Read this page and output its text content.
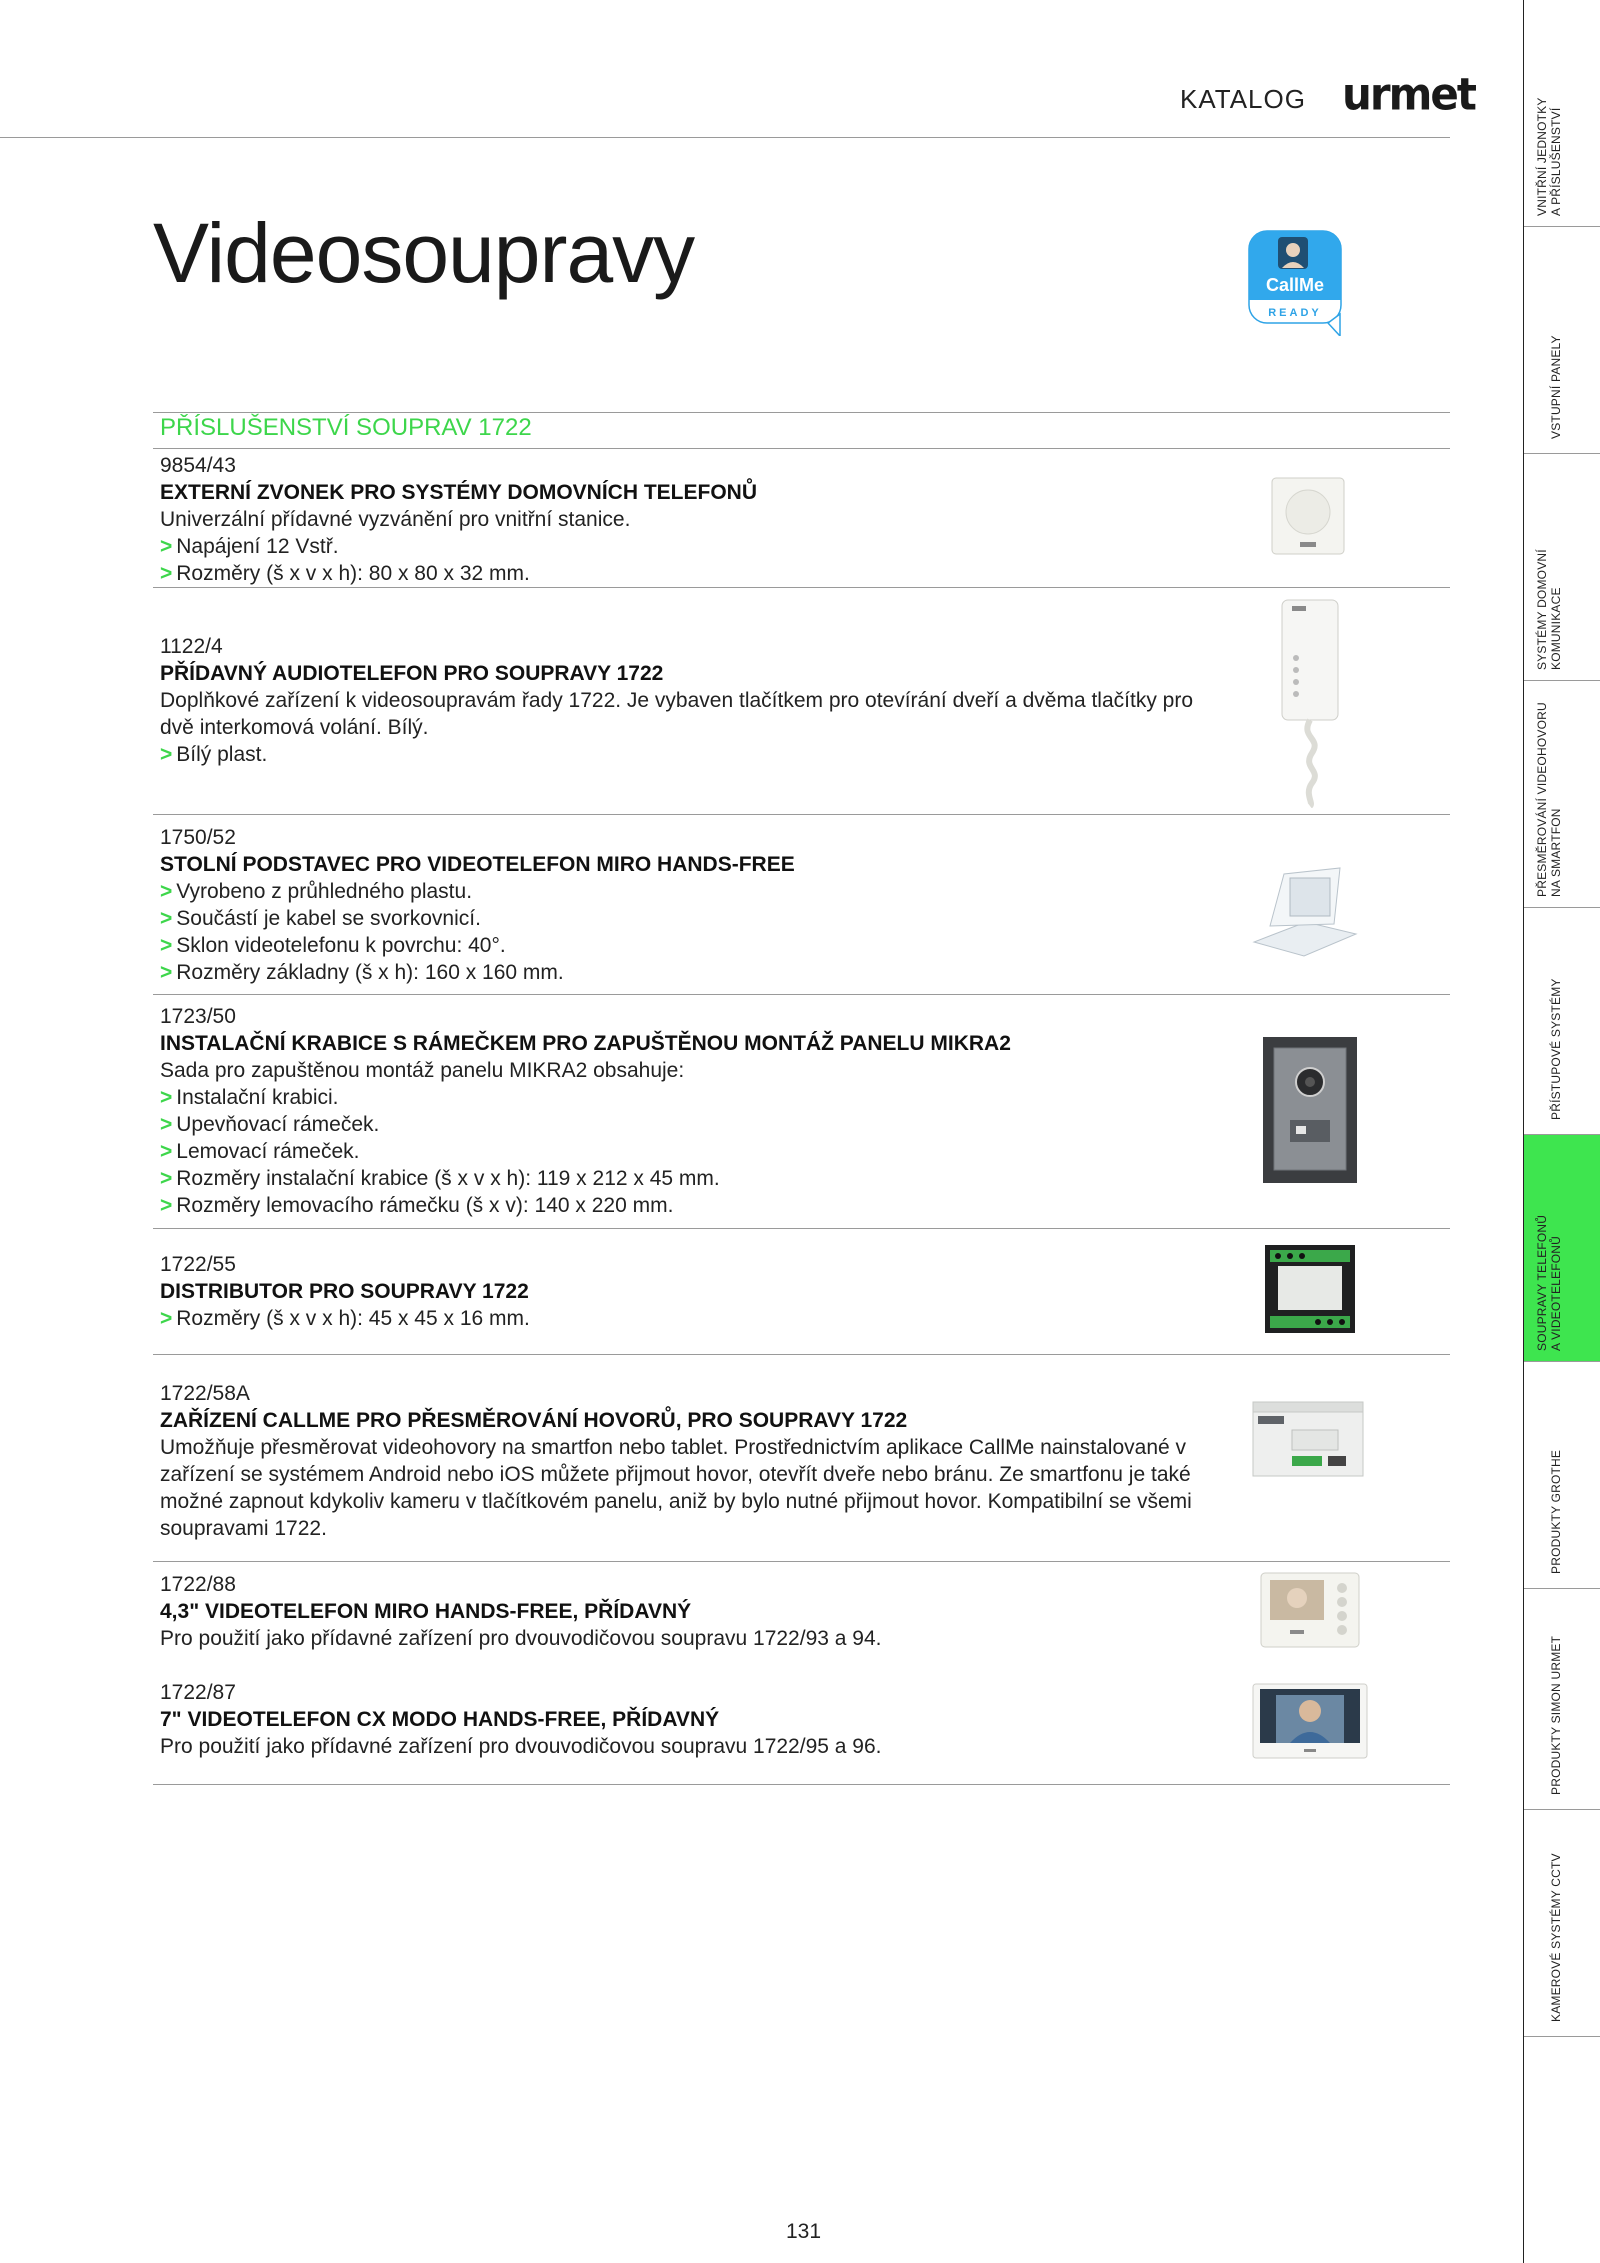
KATALOG urmet
Videosoupravy	CallMe
READY
PŘÍSLUŠENSTVÍ SOUPRAV 1722
9854/43
EXTERNÍ ZVONEK PRO SYSTÉMY DOMOVNÍCH TELEFONŮ
Univerzální přídavné vyzvánění pro vnitřní stanice.
> Napájení 12 Vstř.
> Rozměry (š x v x h): 80 x 80 x 32 mm.
1122/4
PŘÍDAVNÝ AUDIOTELEFON PRO SOUPRAVY 1722
Doplňkové zařízení k videosoupravám řady 1722. Je vybaven tlačítkem pro otevírání dveří a dvěma tlačítky pro dvě interkomová volání. Bílý.
> Bílý plast.
1750/52
STOLNÍ PODSTAVEC PRO VIDEOTELEFON MIRO HANDS-FREE
> Vyrobeno z průhledného plastu.
> Součástí je kabel se svorkovnicí.
> Sklon videotelefonu k povrchu: 40°.
> Rozměry základny (š x h): 160 x 160 mm.
1723/50
INSTALAČNÍ KRABICE S RÁMEČKEM PRO ZAPUŠTĚNOU MONTÁŽ PANELU MIKRA2
Sada pro zapuštěnou montáž panelu MIKRA2 obsahuje:
> Instalační krabici.
> Upevňovací rámeček.
> Lemovací rámeček.
> Rozměry instalační krabice (š x v x h): 119 x 212 x 45 mm.
> Rozměry lemovacího rámečku (š x v): 140 x 220 mm.
1722/55
DISTRIBUTOR PRO SOUPRAVY 1722
> Rozměry (š x v x h): 45 x 45 x 16 mm.
1722/58A
ZAŘÍZENÍ CALLME PRO PŘESMĚROVÁNÍ HOVORŮ, PRO SOUPRAVY 1722
Umožňuje přesměrovat videohovory na smartfon nebo tablet. Prostřednictvím aplikace CallMe nainstalované v zařízení se systémem Android nebo iOS můžete přijmout hovor, otevřít dveře nebo bránu. Ze smartfonu je také možné zapnout kdykoliv kameru v tlačítkovém panelu, aniž by bylo nutné přijmout hovor. Kompatibilní se všemi soupravami 1722.
1722/88
4,3" VIDEOTELEFON MIRO HANDS-FREE, PŘÍDAVNÝ
Pro použití jako přídavné zařízení pro dvouvodičovou soupravu 1722/93 a 94.
1722/87
7" VIDEOTELEFON CX MODO HANDS-FREE, PŘÍDAVNÝ
Pro použití jako přídavné zařízení pro dvouvodičovou soupravu 1722/95 a 96.
VNITŘNÍ JEDNOTKY
A PŘÍSLUŠENSTVÍ
VSTUPNÍ PANELY
SYSTÉMY DOMOVNÍ
KOMUNIKACE
PŘESMĚROVÁNÍ VIDEOHOVORU
NA SMARTFON
PŘÍSTUPOVÉ SYSTÉMY
SOUPRAVY TELEFONŮ
A VIDEOTELEFONŮ
PRODUKTY GROTHE
PRODUKTY SIMON URMET
KAMEROVÉ SYSTÉMY CCTV
131
